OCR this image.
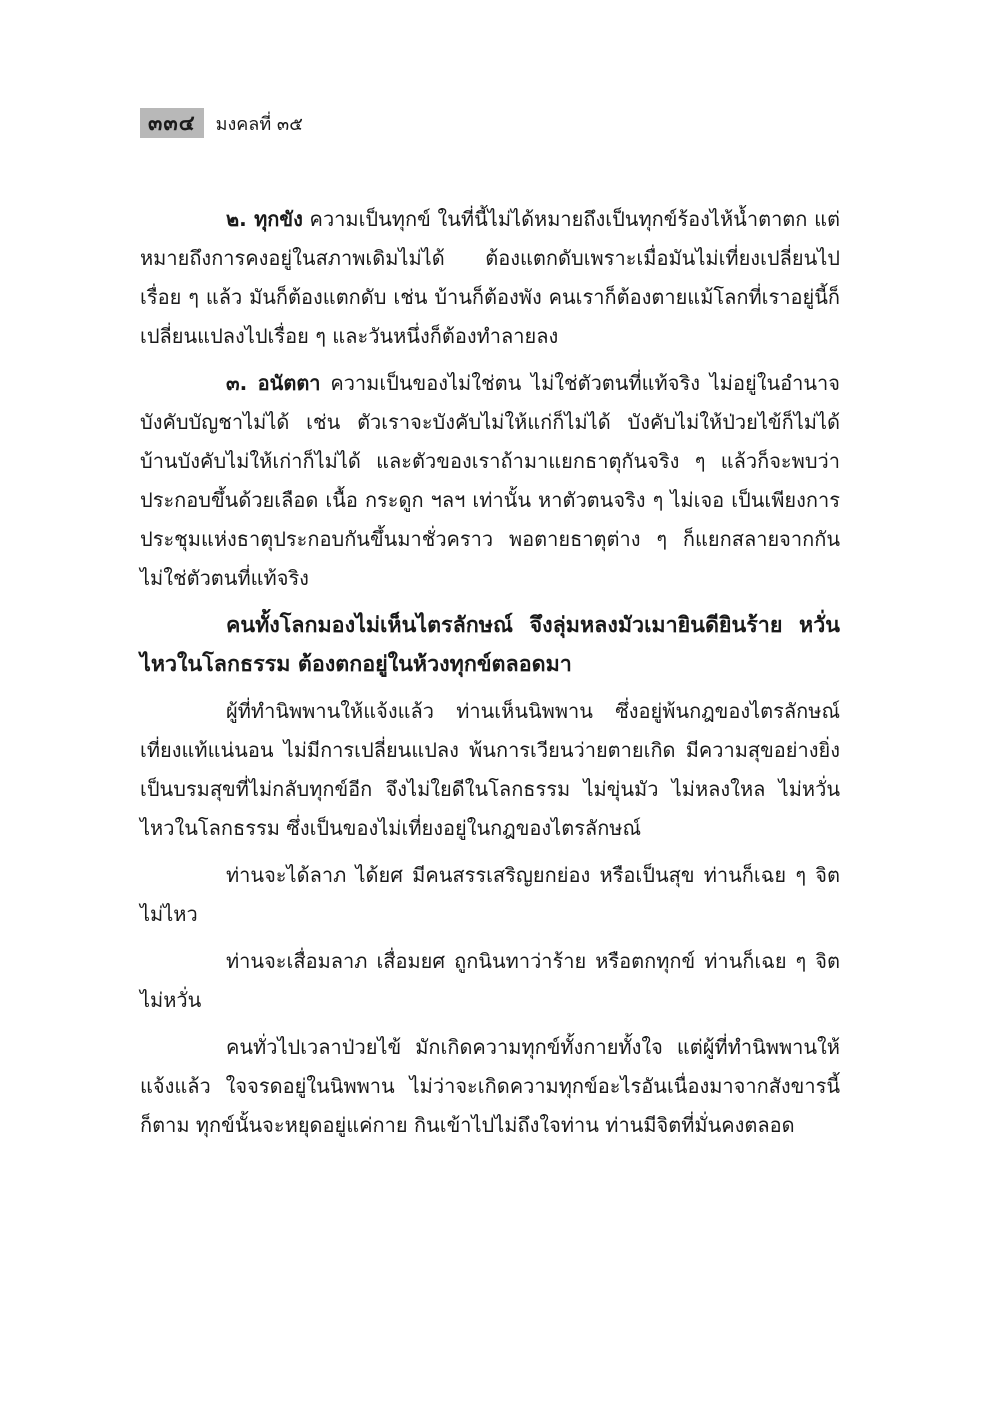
๓๓๔	มงคลที่ ๓๕

๒. ทุกขัง ความเป็นทุกข์ ในที่นี้ไม่ได้หมายถึงเป็นทุกข์ร้องไห้น้ำตาตก แต่หมายถึงการคงอยู่ในสภาพเดิมไม่ได้ ต้องแตกดับเพราะเมื่อมันไม่เที่ยงเปลี่ยนไปเรื่อย ๆ แล้ว มันก็ต้องแตกดับ เช่น บ้านก็ต้องพัง คนเราก็ต้องตายแม้โลกที่เราอยู่นี้ก็เปลี่ยนแปลงไปเรื่อย ๆ และวันหนึ่งก็ต้องทำลายลง

๓. อนัตตา ความเป็นของไม่ใช่ตน ไม่ใช่ตัวตนที่แท้จริง ไม่อยู่ในอำนาจ บังคับบัญชาไม่ได้ เช่น ตัวเราจะบังคับไม่ให้แก่ก็ไม่ได้ บังคับไม่ให้ป่วยไข้ก็ไม่ได้ บ้านบังคับไม่ให้เก่าก็ไม่ได้ และตัวของเราถ้ามาแยกธาตุกันจริง ๆ แล้วก็จะพบว่าประกอบขึ้นด้วยเลือด เนื้อ กระดูก ฯลฯ เท่านั้น หาตัวตนจริง ๆ ไม่เจอ เป็นเพียงการประชุมแห่งธาตุประกอบกันขึ้นมาชั่วคราว พอตายธาตุต่าง ๆ ก็แยกสลายจากกัน ไม่ใช่ตัวตนที่แท้จริง

คนทั้งโลกมองไม่เห็นไตรลักษณ์ จึงลุ่มหลงมัวเมายินดียินร้าย หวั่นไหวในโลกธรรม ต้องตกอยู่ในห้วงทุกข์ตลอดมา

ผู้ที่ทำนิพพานให้แจ้งแล้ว ท่านเห็นนิพพาน ซึ่งอยู่พ้นกฎของไตรลักษณ์ เที่ยงแท้แน่นอน ไม่มีการเปลี่ยนแปลง พ้นการเวียนว่ายตายเกิด มีความสุขอย่างยิ่ง เป็นบรมสุขที่ไม่กลับทุกข์อีก จึงไม่ใยดีในโลกธรรม ไม่ขุ่นมัว ไม่หลงใหล ไม่หวั่นไหวในโลกธรรม ซึ่งเป็นของไม่เที่ยงอยู่ในกฎของไตรลักษณ์

ท่านจะได้ลาภ ได้ยศ มีคนสรรเสริญยกย่อง หรือเป็นสุข ท่านก็เฉย ๆ จิตไม่ไหว

ท่านจะเสื่อมลาภ เสื่อมยศ ถูกนินทาว่าร้าย หรือตกทุกข์ ท่านก็เฉย ๆ จิตไม่หวั่น

คนทั่วไปเวลาป่วยไข้ มักเกิดความทุกข์ทั้งกายทั้งใจ แต่ผู้ที่ทำนิพพานให้แจ้งแล้ว ใจจรดอยู่ในนิพพาน ไม่ว่าจะเกิดความทุกข์อะไรอันเนื่องมาจากสังขารนี้ก็ตาม ทุกข์นั้นจะหยุดอยู่แค่กาย กินเข้าไปไม่ถึงใจท่าน ท่านมีจิตที่มั่นคงตลอด
